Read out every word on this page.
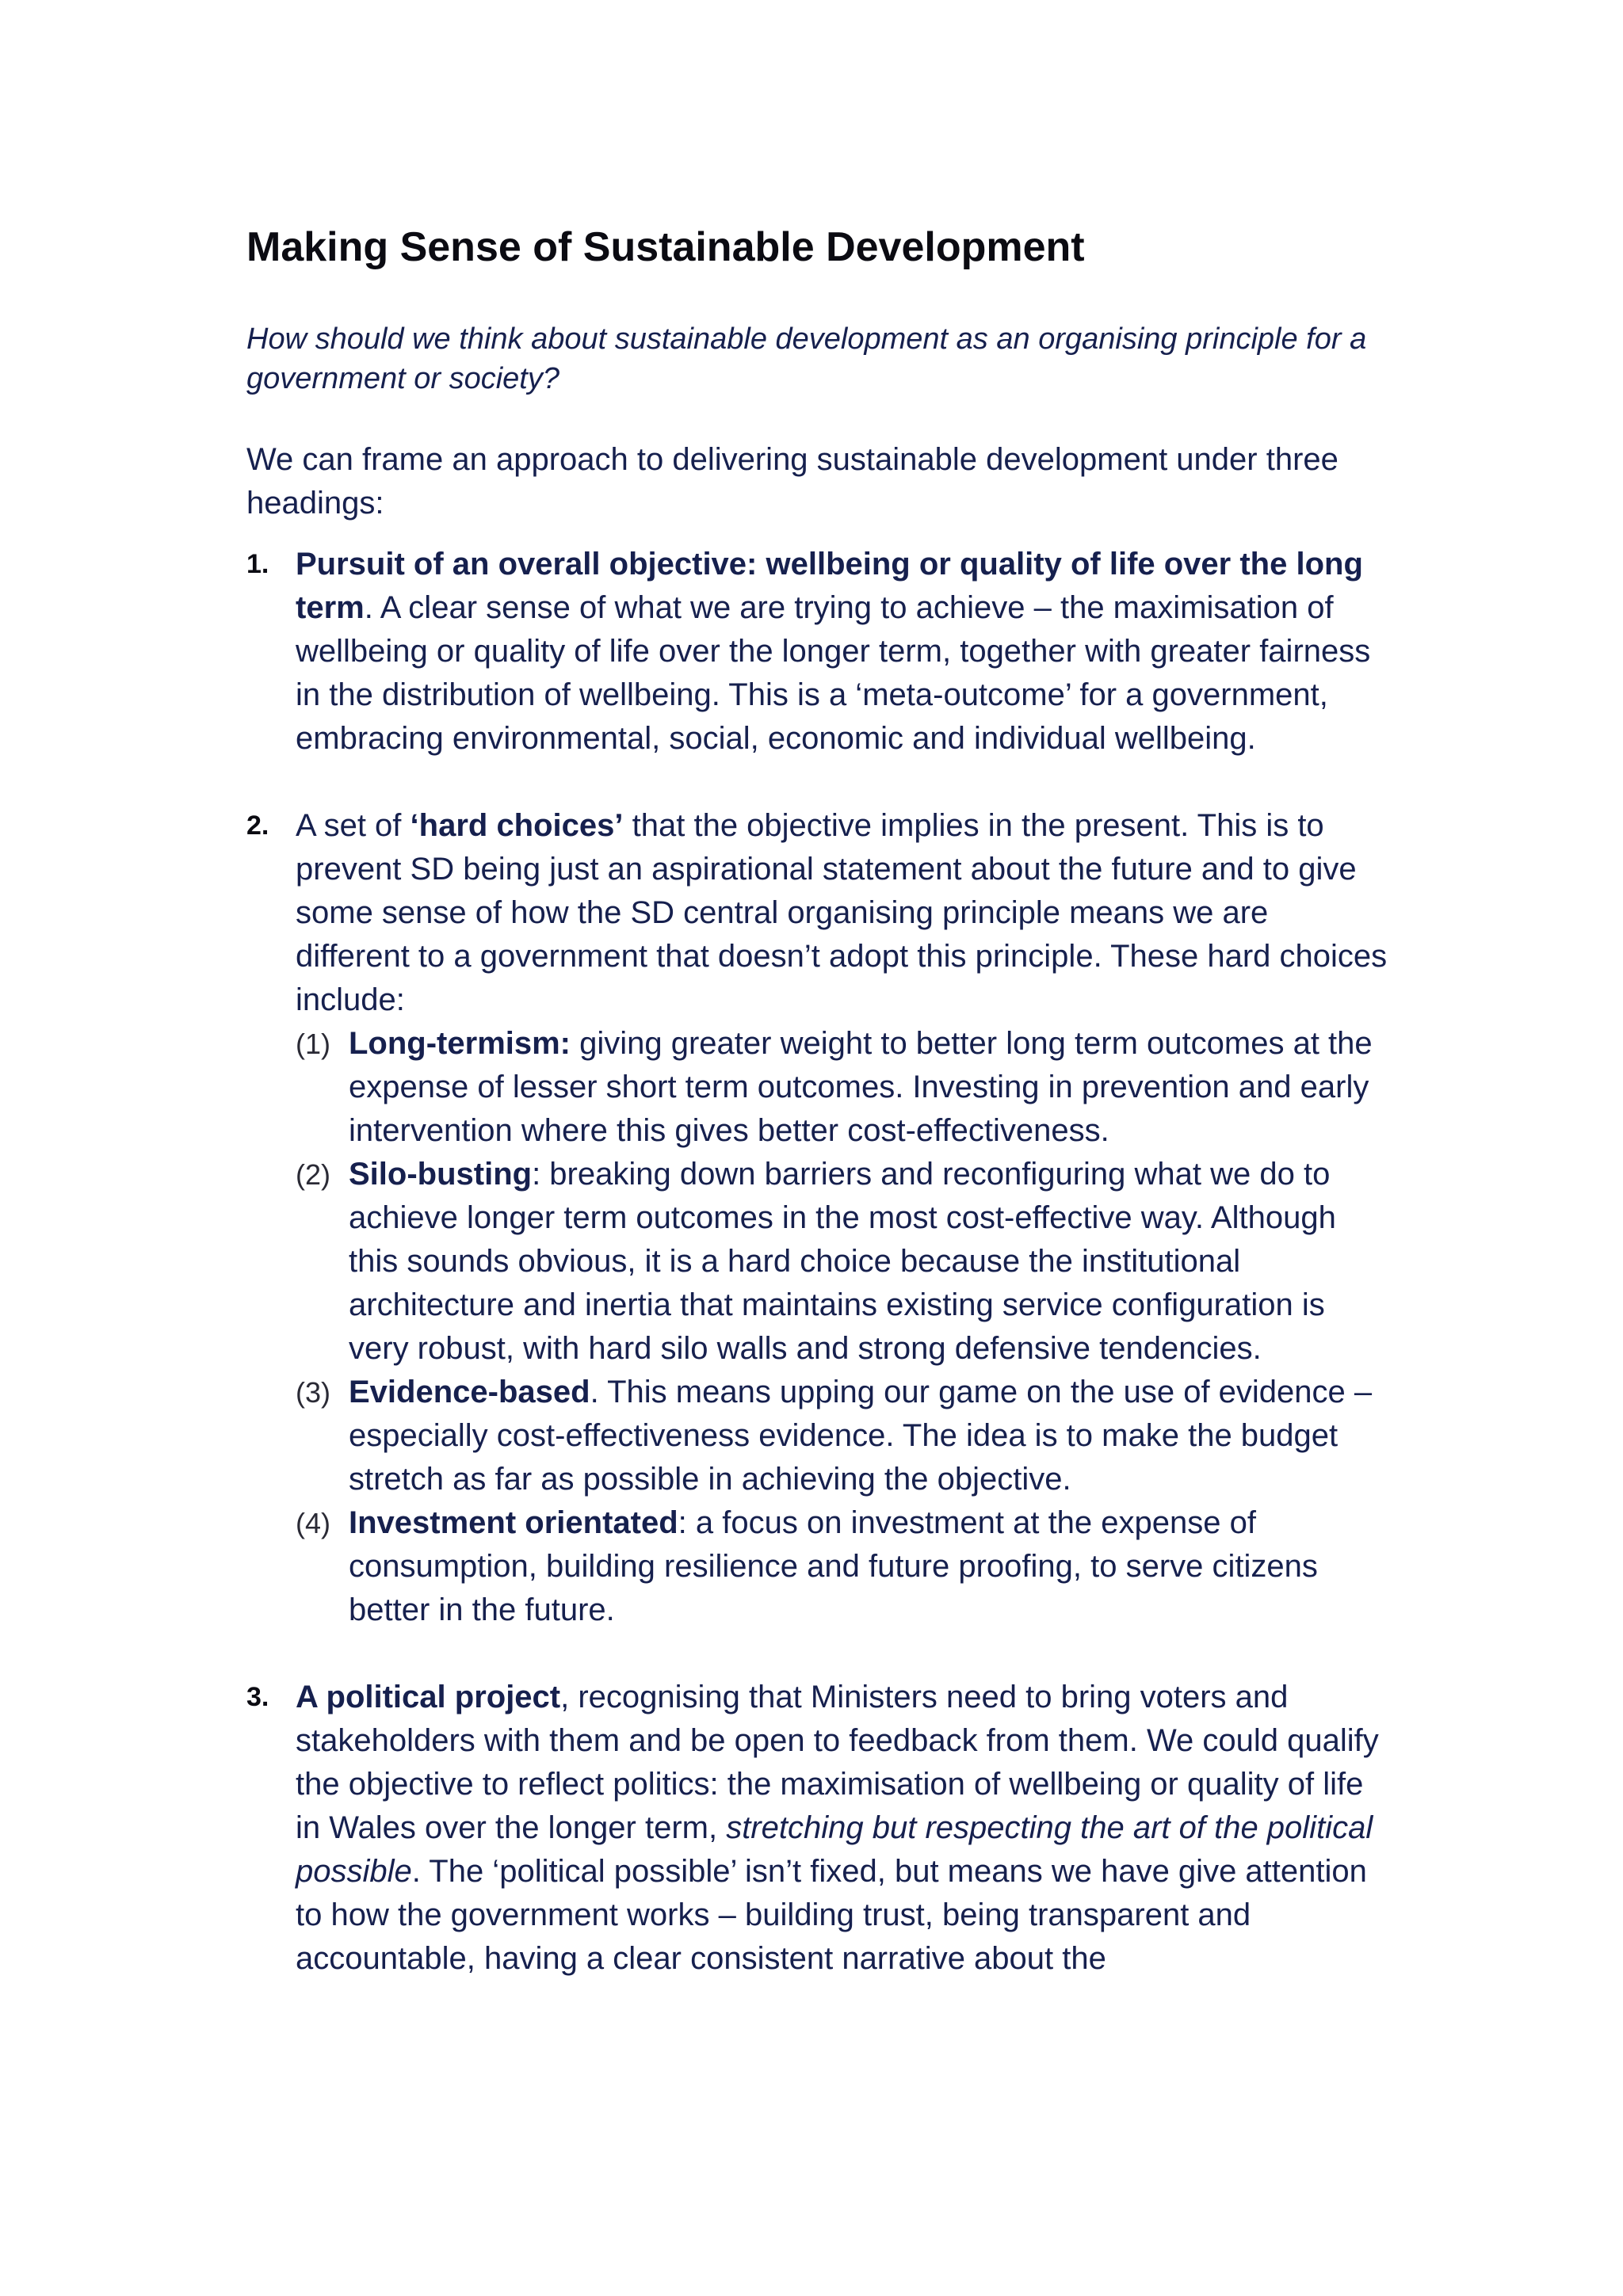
Making Sense of Sustainable Development

How should we think about sustainable development as an organising principle for a government or society?

We can frame an approach to delivering sustainable development under three headings:

1. Pursuit of an overall objective: wellbeing or quality of life over the long term. A clear sense of what we are trying to achieve – the maximisation of wellbeing or quality of life over the longer term, together with greater fairness in the distribution of wellbeing. This is a ‘meta-outcome’ for a government, embracing environmental, social, economic and individual wellbeing.
2. A set of ‘hard choices’ that the objective implies in the present. This is to prevent SD being just an aspirational statement about the future and to give some sense of how the SD central organising principle means we are different to a government that doesn’t adopt this principle. These hard choices include:
(1) Long-termism: giving greater weight to better long term outcomes at the expense of lesser short term outcomes. Investing in prevention and early intervention where this gives better cost-effectiveness.
(2) Silo-busting: breaking down barriers and reconfiguring what we do to achieve longer term outcomes in the most cost-effective way. Although this sounds obvious, it is a hard choice because the institutional architecture and inertia that maintains existing service configuration is very robust, with hard silo walls and strong defensive tendencies.
(3) Evidence-based. This means upping our game on the use of evidence – especially cost-effectiveness evidence. The idea is to make the budget stretch as far as possible in achieving the objective.
(4) Investment orientated: a focus on investment at the expense of consumption, building resilience and future proofing, to serve citizens better in the future.
3. A political project, recognising that Ministers need to bring voters and stakeholders with them and be open to feedback from them. We could qualify the objective to reflect politics: the maximisation of wellbeing or quality of life in Wales over the longer term, stretching but respecting the art of the political possible. The ‘political possible’ isn’t fixed, but means we have give attention to how the government works – building trust, being transparent and accountable, having a clear consistent narrative about the
